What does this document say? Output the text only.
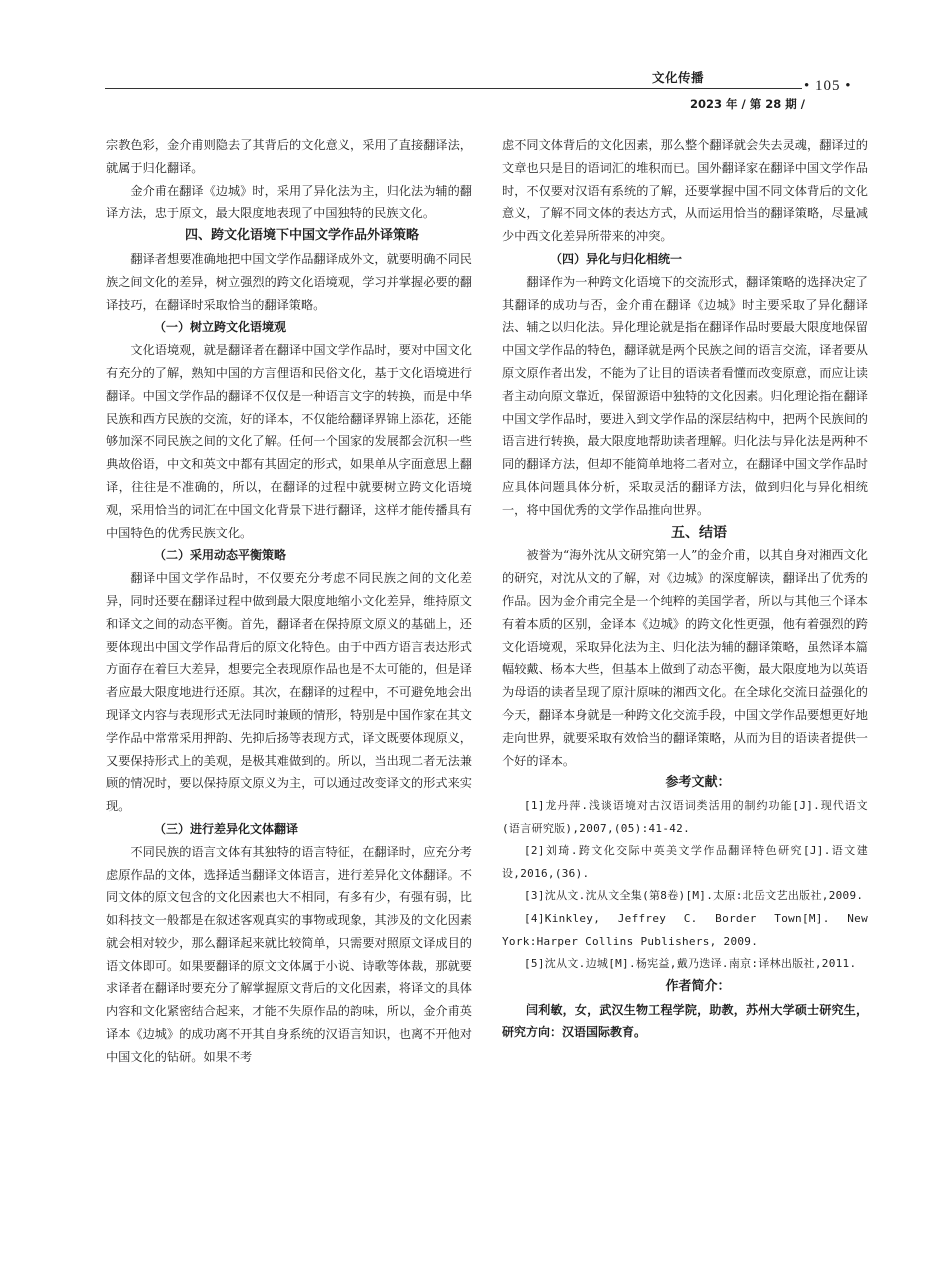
文化传播
• 105 •
2023 年 / 第 28 期 /

宗教色彩，金介甫则隐去了其背后的文化意义，采用了直接翻译法，就属于归化翻译。

金介甫在翻译《边城》时，采用了异化法为主，归化法为辅的翻译方法，忠于原文，最大限度地表现了中国独特的民族文化。

四、跨文化语境下中国文学作品外译策略

翻译者想要准确地把中国文学作品翻译成外文，就要明确不同民族之间文化的差异，树立强烈的跨文化语境观，学习并掌握必要的翻译技巧，在翻译时采取恰当的翻译策略。

（一）树立跨文化语境观

文化语境观，就是翻译者在翻译中国文学作品时，要对中国文化有充分的了解，熟知中国的方言俚语和民俗文化，基于文化语境进行翻译。中国文学作品的翻译不仅仅是一种语言文字的转换，而是中华民族和西方民族的交流，好的译本，不仅能给翻译界锦上添花，还能够加深不同民族之间的文化了解。任何一个国家的发展都会沉积一些典故俗语，中文和英文中都有其固定的形式，如果单从字面意思上翻译，往往是不准确的，所以，在翻译的过程中就要树立跨文化语境观，采用恰当的词汇在中国文化背景下进行翻译，这样才能传播具有中国特色的优秀民族文化。

（二）采用动态平衡策略

翻译中国文学作品时，不仅要充分考虑不同民族之间的文化差异，同时还要在翻译过程中做到最大限度地缩小文化差异，维持原文和译文之间的动态平衡。首先，翻译者在保持原文原义的基础上，还要体现出中国文学作品背后的原文化特色。由于中西方语言表达形式方面存在着巨大差异，想要完全表现原作品也是不太可能的，但是译者应最大限度地进行还原。其次，在翻译的过程中，不可避免地会出现译文内容与表现形式无法同时兼顾的情形，特别是中国作家在其文学作品中常常采用押韵、先抑后扬等表现方式，译文既要体现原义，又要保持形式上的美观，是极其难做到的。所以，当出现二者无法兼顾的情况时，要以保持原文原义为主，可以通过改变译文的形式来实现。

（三）进行差异化文体翻译

不同民族的语言文体有其独特的语言特征，在翻译时，应充分考虑原作品的文体，选择适当翻译文体语言，进行差异化文体翻译。不同文体的原文包含的文化因素也大不相同，有多有少，有强有弱，比如科技文一般都是在叙述客观真实的事物或现象，其涉及的文化因素就会相对较少，那么翻译起来就比较简单，只需要对照原文译成目的语文体即可。如果要翻译的原文文体属于小说、诗歌等体裁，那就要求译者在翻译时要充分了解掌握原文背后的文化因素，将译文的具体内容和文化紧密结合起来，才能不失原作品的韵味，所以，金介甫英译本《边城》的成功离不开其自身系统的汉语言知识，也离不开他对中国文化的钻研。如果不考

虑不同文体背后的文化因素，那么整个翻译就会失去灵魂，翻译过的文章也只是目的语词汇的堆积而已。国外翻译家在翻译中国文学作品时，不仅要对汉语有系统的了解，还要掌握中国不同文体背后的文化意义，了解不同文体的表达方式，从而运用恰当的翻译策略，尽量减少中西文化差异所带来的冲突。

（四）异化与归化相统一

翻译作为一种跨文化语境下的交流形式，翻译策略的选择决定了其翻译的成功与否，金介甫在翻译《边城》时主要采取了异化翻译法、辅之以归化法。异化理论就是指在翻译作品时要最大限度地保留中国文学作品的特色，翻译就是两个民族之间的语言交流，译者要从原文原作者出发，不能为了让目的语读者看懂而改变原意，而应让读者主动向原文靠近，保留源语中独特的文化因素。归化理论指在翻译中国文学作品时，要进入到文学作品的深层结构中，把两个民族间的语言进行转换，最大限度地帮助读者理解。归化法与异化法是两种不同的翻译方法，但却不能简单地将二者对立，在翻译中国文学作品时应具体问题具体分析，采取灵活的翻译方法，做到归化与异化相统一，将中国优秀的文学作品推向世界。

五、结语

被誉为“海外沈从文研究第一人”的金介甫，以其自身对湘西文化的研究，对沈从文的了解，对《边城》的深度解读，翻译出了优秀的作品。因为金介甫完全是一个纯粹的美国学者，所以与其他三个译本有着本质的区别，金译本《边城》的跨文化性更强，他有着强烈的跨文化语境观，采取异化法为主、归化法为辅的翻译策略，虽然译本篇幅较戴、杨本大些，但基本上做到了动态平衡，最大限度地为以英语为母语的读者呈现了原汁原味的湘西文化。在全球化交流日益强化的今天，翻译本身就是一种跨文化交流手段，中国文学作品要想更好地走向世界，就要采取有效恰当的翻译策略，从而为目的语读者提供一个好的译本。

参考文献：

[1]龙丹萍.浅谈语境对古汉语词类活用的制约功能[J].现代语文(语言研究版),2007,(05):41-42.

[2]刘琦.跨文化交际中英美文学作品翻译特色研究[J].语文建设,2016,(36).

[3]沈从文.沈从文全集(第8卷)[M].太原:北岳文艺出版社,2009.

[4]Kinkley, Jeffrey C. Border Town[M]. New York:Harper Collins Publishers, 2009.

[5]沈从文.边城[M].杨宪益,戴乃迭译.南京:译林出版社,2011.

作者简介：

闫利敏，女，武汉生物工程学院，助教，苏州大学硕士研究生，研究方向：汉语国际教育。
